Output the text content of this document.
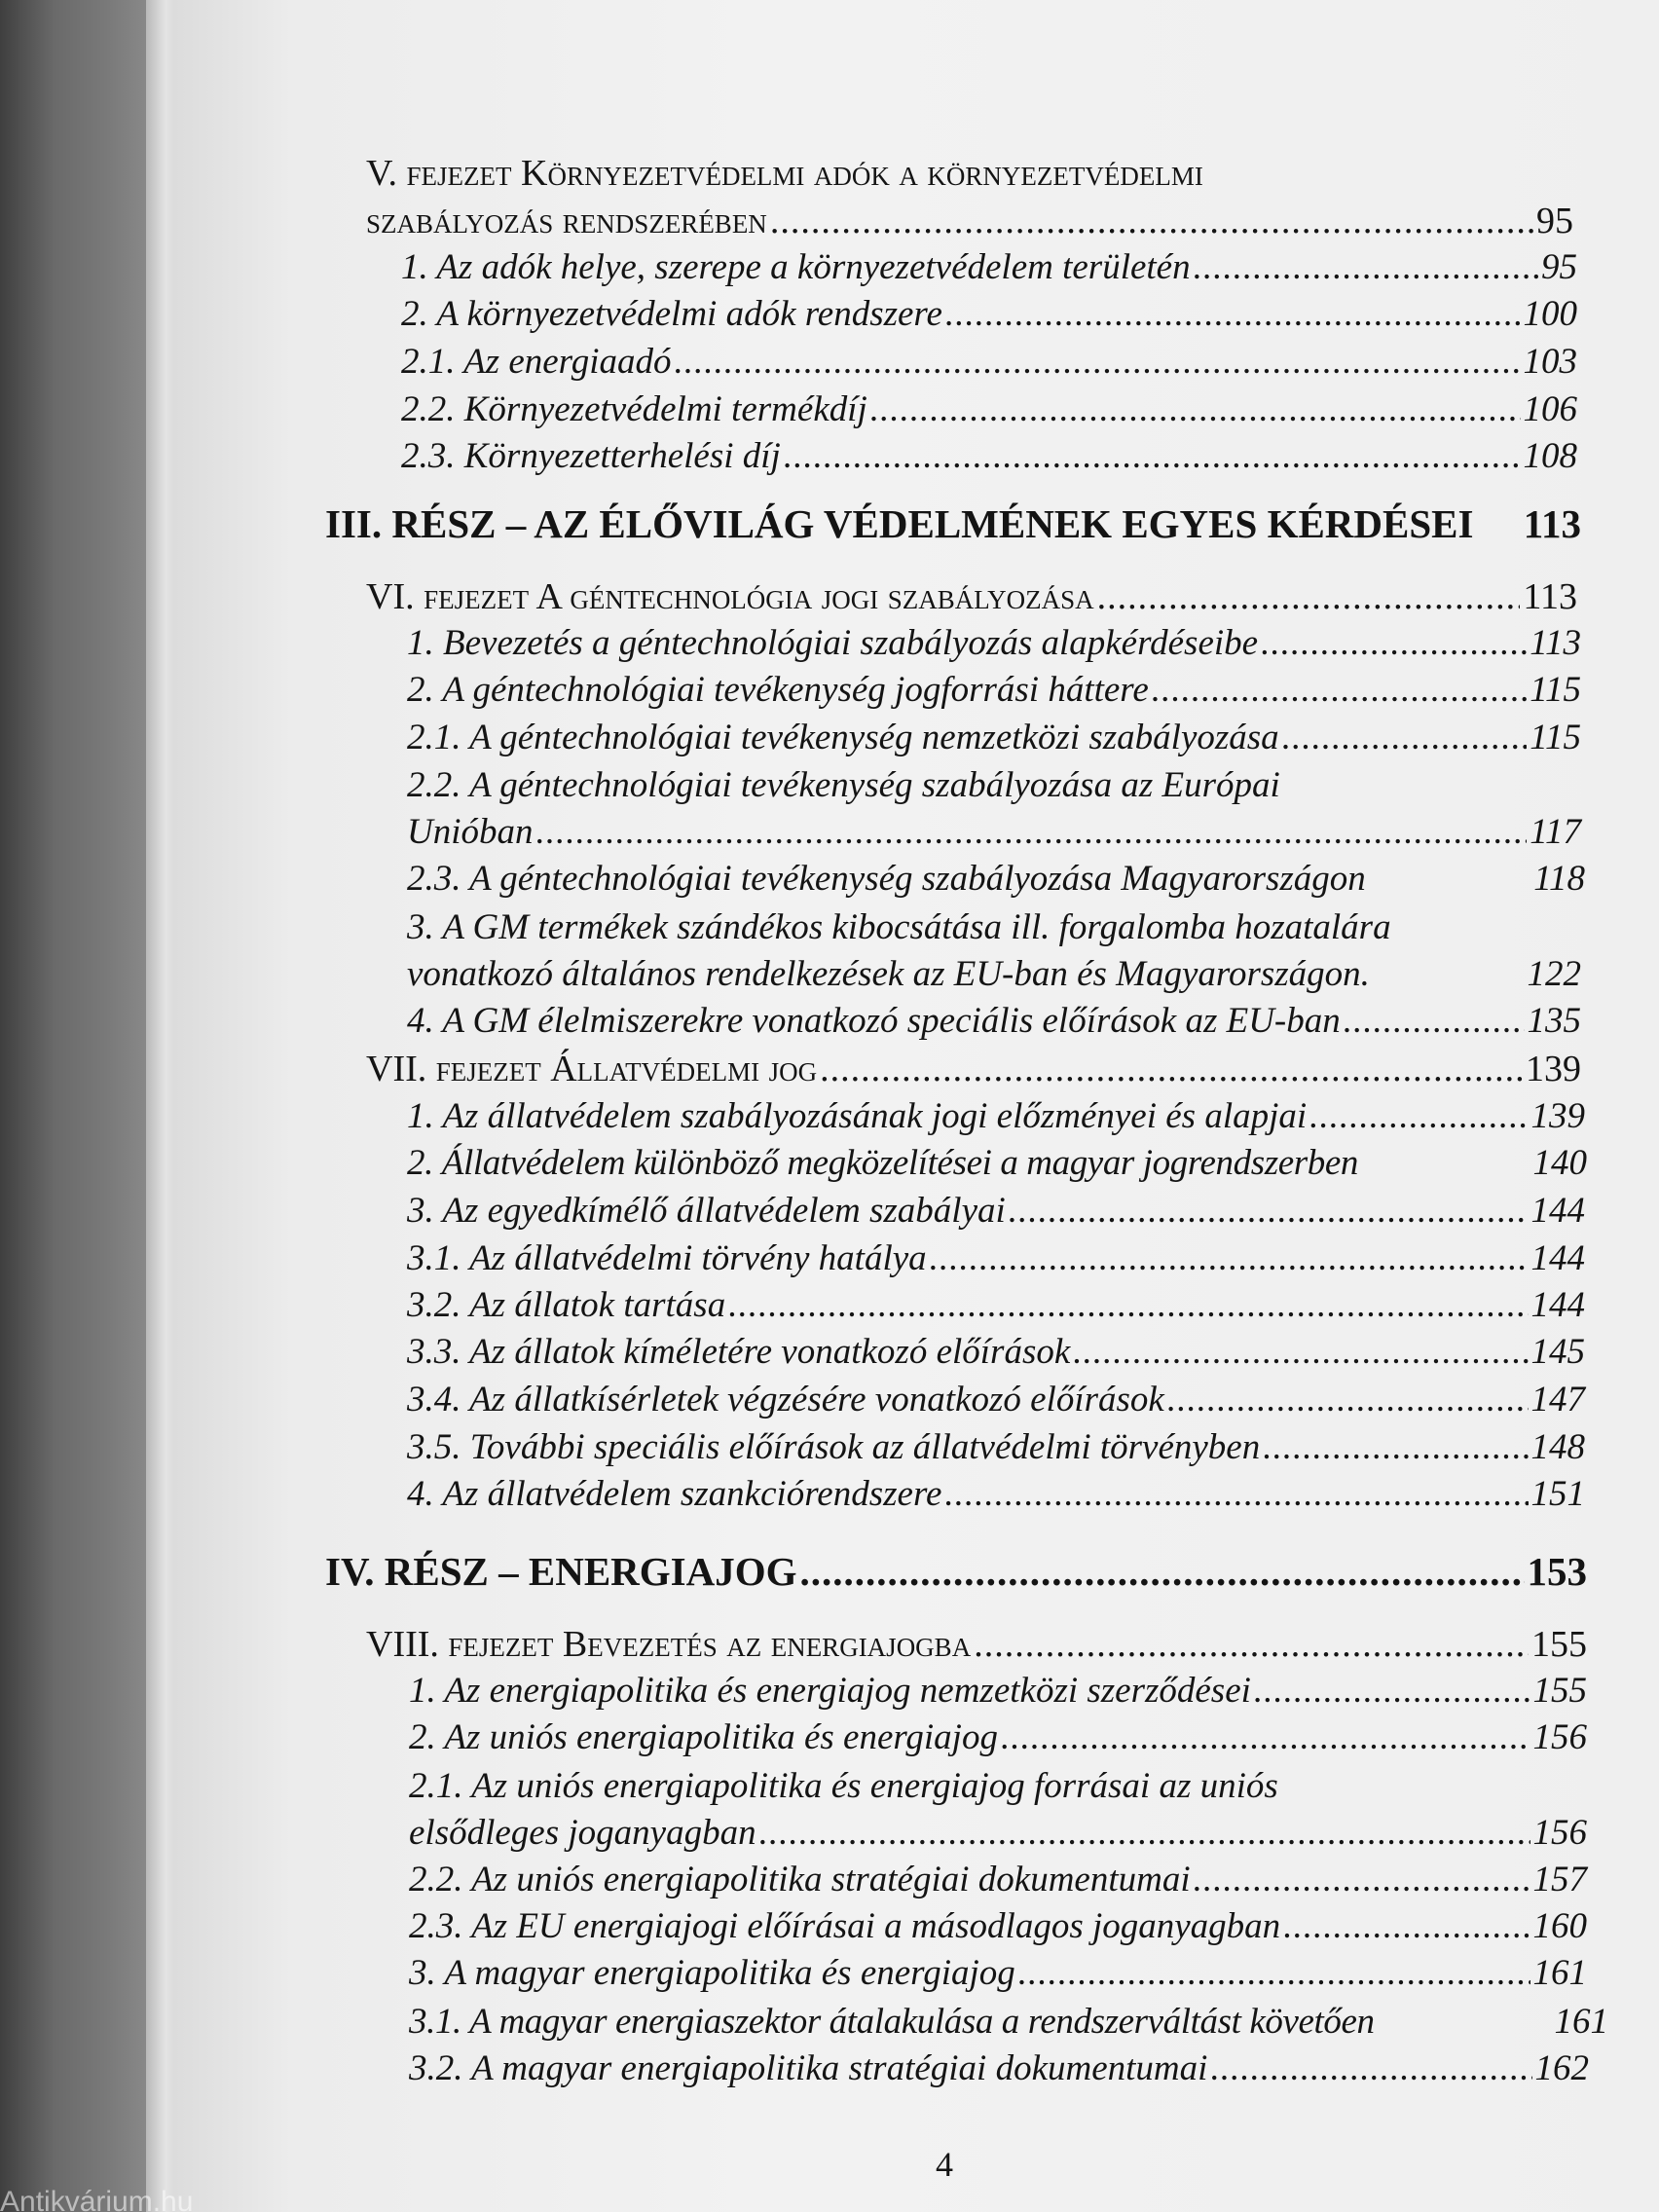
V. fejezet Környezetvédelmi adók a környezetvédelmi
szabályozás rendszerében .....	95
1. Az adók helye, szerepe a környezetvédelem területén .....	95
2. A környezetvédelmi adók rendszere .....	100
2.1. Az energiaadó .....	103
2.2. Környezetvédelmi termékdíj .....	106
2.3. Környezetterhelési díj .....	108
III. RÉSZ – AZ ÉLŐVILÁG VÉDELMÉNEK EGYES KÉRDÉSEI 113
VI. fejezet A géntechnológia jogi szabályozása .....	113
1. Bevezetés a géntechnológiai szabályozás alapkérdéseibe .....	113
2. A géntechnológiai tevékenység jogforrási háttere .....	115
2.1. A géntechnológiai tevékenység nemzetközi szabályozása .....	115
2.2. A géntechnológiai tevékenység szabályozása az Európai
Unióban .....	117
2.3. A géntechnológiai tevékenység szabályozása Magyarországon	118
3. A GM termékek szándékos kibocsátása ill. forgalomba hozatalára
vonatkozó általános rendelkezések az EU-ban és Magyarországon.	122
4. A GM élelmiszerekre vonatkozó speciális előírások az EU-ban .....	135
VII. fejezet Állatvédelmi jog .....	139
1. Az állatvédelem szabályozásának jogi előzményei és alapjai .....	139
2. Állatvédelem különböző megközelítései a magyar jogrendszerben	140
3. Az egyedkímélő állatvédelem szabályai .....	144
3.1. Az állatvédelmi törvény hatálya .....	144
3.2. Az állatok tartása .....	144
3.3. Az állatok kíméletére vonatkozó előírások .....	145
3.4. Az állatkísérletek végzésére vonatkozó előírások .....	147
3.5. További speciális előírások az állatvédelmi törvényben .....	148
4. Az állatvédelem szankciórendszere .....	151
IV. RÉSZ – ENERGIAJOG .....	153
VIII. fejezet Bevezetés az energiajogba .....	155
1. Az energiapolitika és energiajog nemzetközi szerződései .....	155
2. Az uniós energiapolitika és energiajog .....	156
2.1. Az uniós energiapolitika és energiajog forrásai az uniós
elsődleges joganyagban .....	156
2.2. Az uniós energiapolitika stratégiai dokumentumai .....	157
2.3. Az EU energiajogi előírásai a másodlagos joganyagban .....	160
3. A magyar energiapolitika és energiajog .....	161
3.1. A magyar energiaszektor átalakulása a rendszerváltást követően	161
3.2. A magyar energiapolitika stratégiai dokumentumai .....	162
4
Antikvárium.hu
